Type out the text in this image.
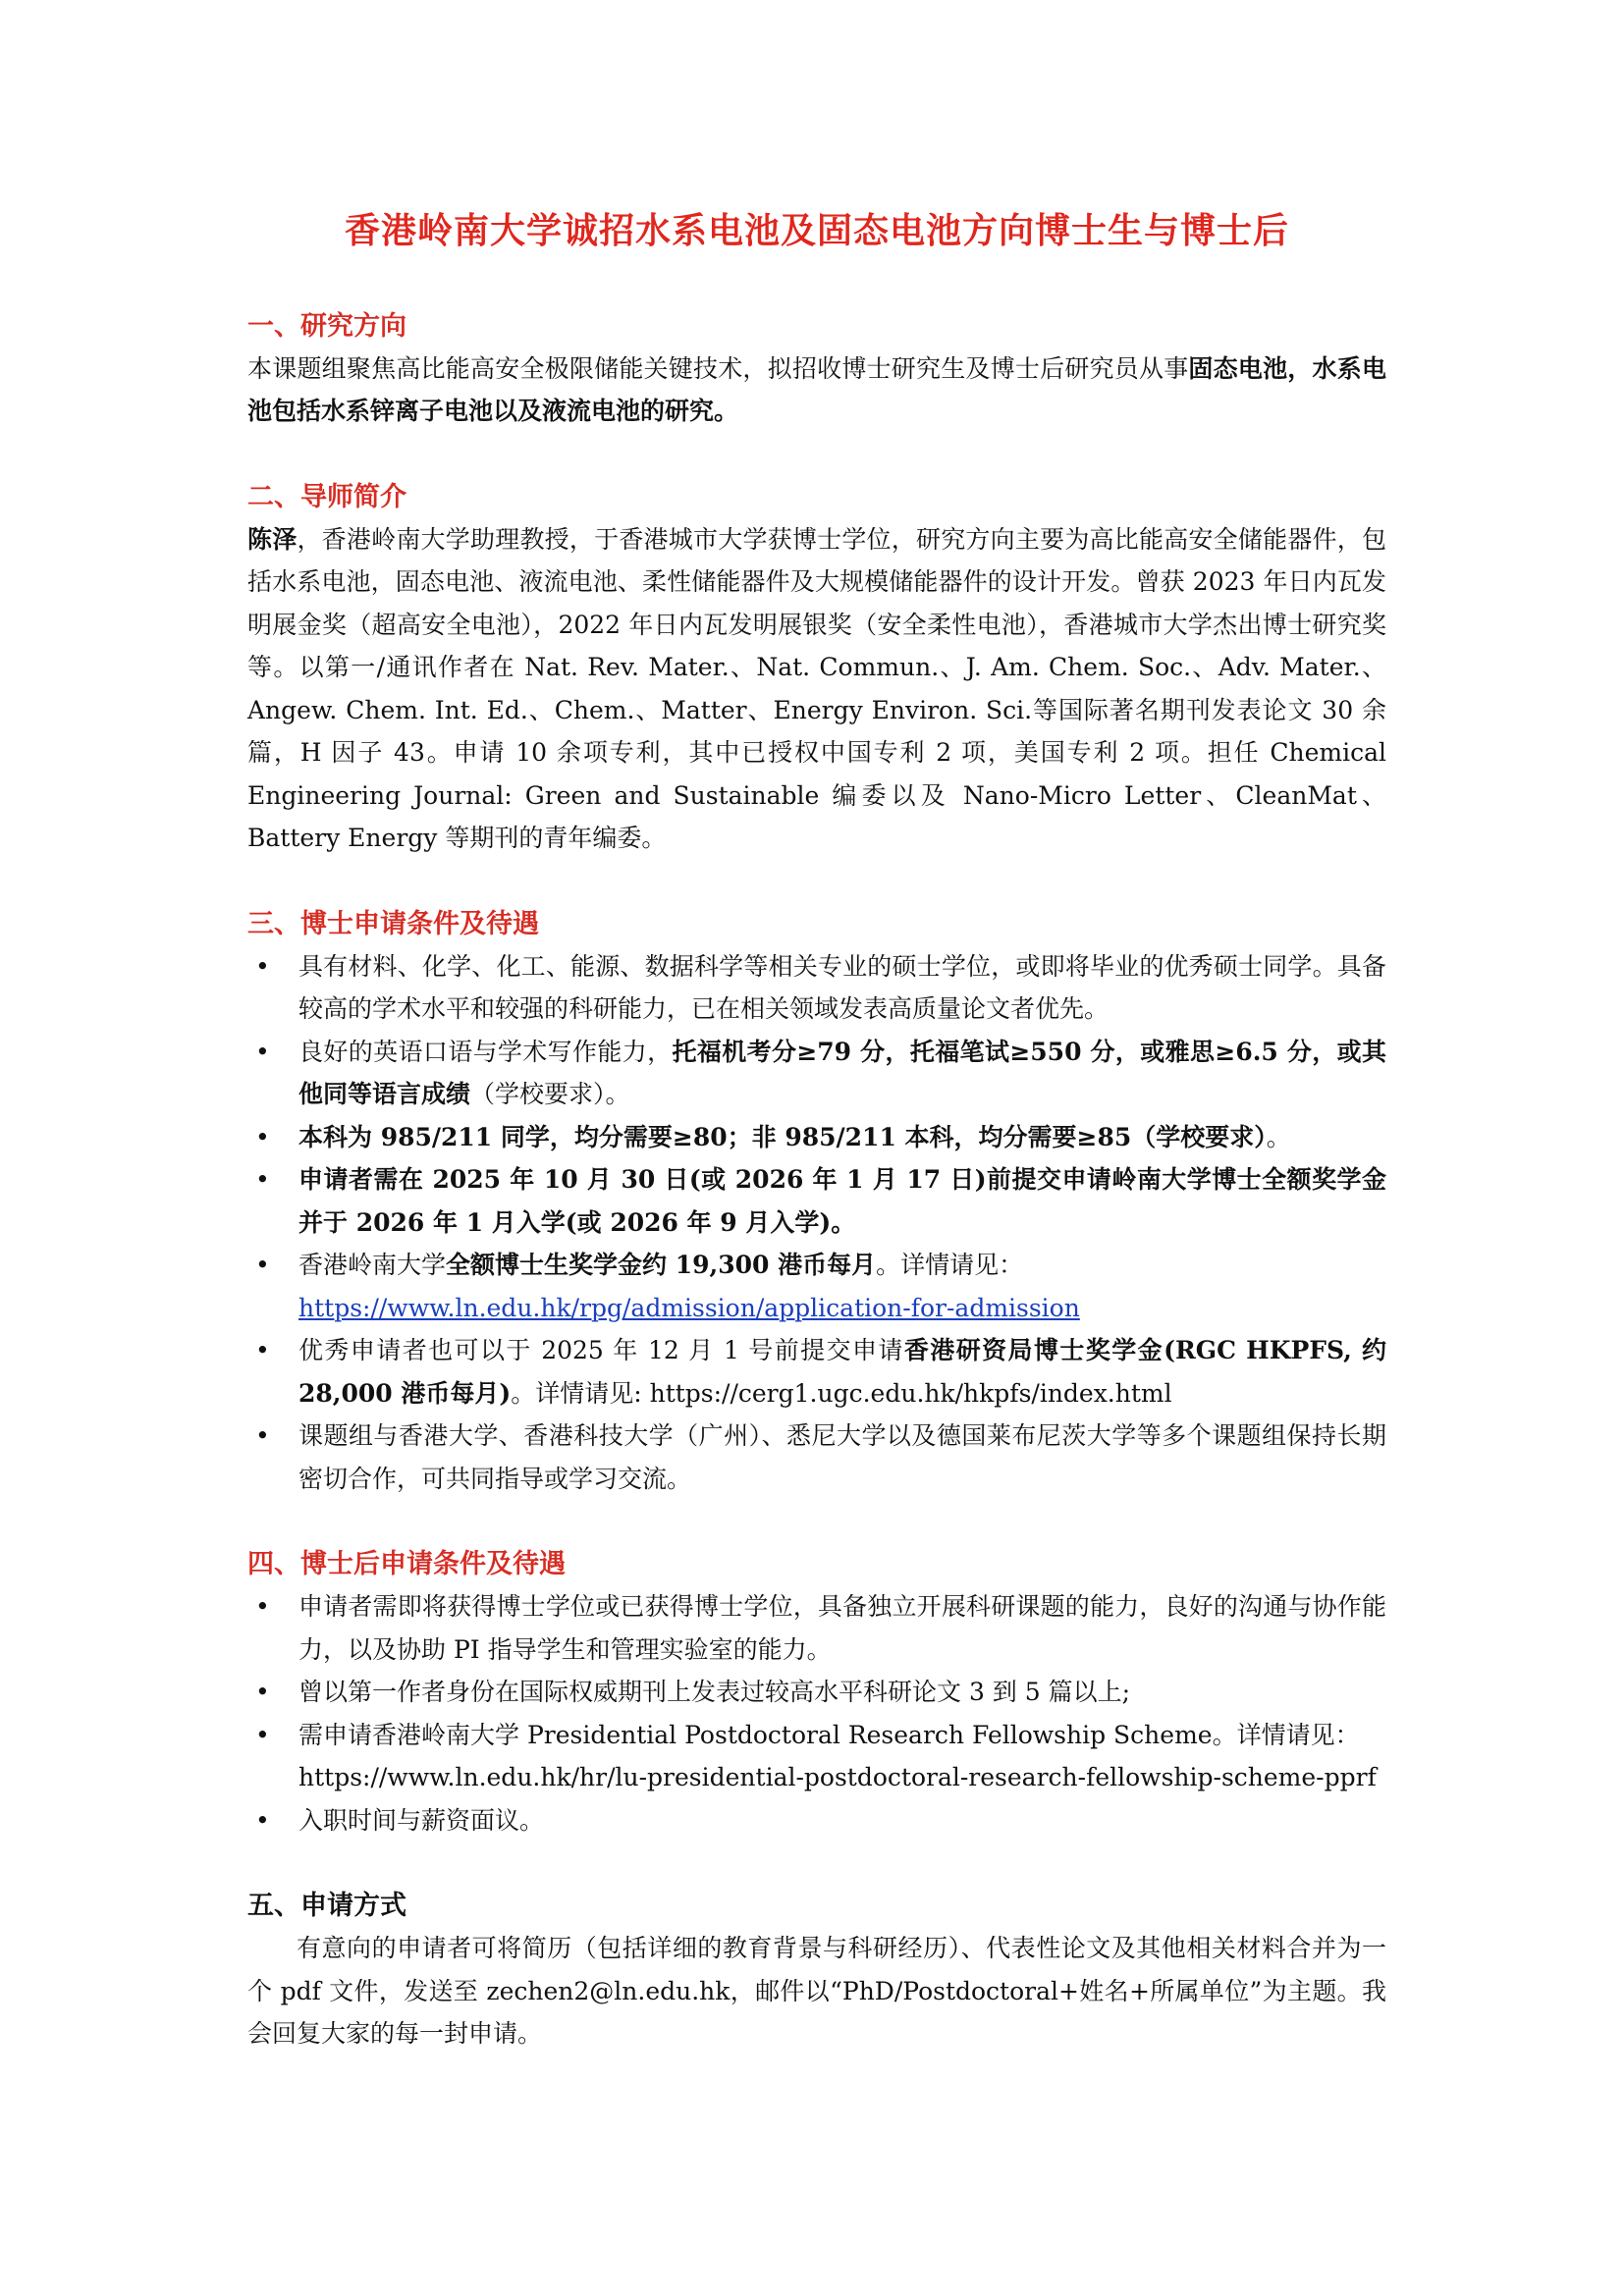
香港岭南大学诚招水系电池及固态电池方向博士生与博士后
一、研究方向

本课题组聚焦高比能高安全极限储能关键技术，拟招收博士研究生及博士后研究员从事固态电池，水系电池包括水系锌离子电池以及液流电池的研究。

二、导师简介

陈泽，香港岭南大学助理教授，于香港城市大学获博士学位，研究方向主要为高比能高安全储能器件，包括水系电池，固态电池、液流电池、柔性储能器件及大规模储能器件的设计开发。曾获 2023 年日内瓦发明展金奖（超高安全电池），2022 年日内瓦发明展银奖（安全柔性电池），香港城市大学杰出博士研究奖等。以第一/通讯作者在 Nat. Rev. Mater.、Nat. Commun.、J. Am. Chem. Soc.、Adv. Mater.、Angew. Chem. Int. Ed.、Chem.、Matter、Energy Environ. Sci.等国际著名期刊发表论文 30 余篇，H 因子 43。申请 10 余项专利，其中已授权中国专利 2 项，美国专利 2 项。担任 Chemical Engineering Journal: Green and Sustainable 编委以及 Nano-Micro Letter、CleanMat、Battery Energy 等期刊的青年编委。

三、博士申请条件及待遇
• 具有材料、化学、化工、能源、数据科学等相关专业的硕士学位，或即将毕业的优秀硕士同学。具备较高的学术水平和较强的科研能力，已在相关领域发表高质量论文者优先。
• 良好的英语口语与学术写作能力，托福机考分≥79 分，托福笔试≥550 分，或雅思≥6.5 分，或其他同等语言成绩（学校要求）。
• 本科为 985/211 同学，均分需要≥80；非 985/211 本科，均分需要≥85（学校要求）。
• 申请者需在 2025 年 10 月 30 日(或 2026 年 1 月 17 日)前提交申请岭南大学博士全额奖学金并于 2026 年 1 月入学(或 2026 年 9 月入学)。
• 香港岭南大学全额博士生奖学金约 19,300 港币每月。详情请见：
https://www.ln.edu.hk/rpg/admission/application-for-admission
• 优秀申请者也可以于 2025 年 12 月 1 号前提交申请香港研资局博士奖学金(RGC HKPFS, 约 28,000 港币每月)。详情请见: https://cerg1.ugc.edu.hk/hkpfs/index.html
• 课题组与香港大学、香港科技大学（广州）、悉尼大学以及德国莱布尼茨大学等多个课题组保持长期密切合作，可共同指导或学习交流。
四、博士后申请条件及待遇
• 申请者需即将获得博士学位或已获得博士学位，具备独立开展科研课题的能力，良好的沟通与协作能力，以及协助 PI 指导学生和管理实验室的能力。
• 曾以第一作者身份在国际权威期刊上发表过较高水平科研论文 3 到 5 篇以上;
• 需申请香港岭南大学 Presidential Postdoctoral Research Fellowship Scheme。详情请见：
https://www.ln.edu.hk/hr/lu-presidential-postdoctoral-research-fellowship-scheme-pprf
• 入职时间与薪资面议。
五、申请方式

有意向的申请者可将简历（包括详细的教育背景与科研经历）、代表性论文及其他相关材料合并为一个 pdf 文件，发送至 zechen2@ln.edu.hk，邮件以“PhD/Postdoctoral+姓名+所属单位”为主题。我会回复大家的每一封申请。
